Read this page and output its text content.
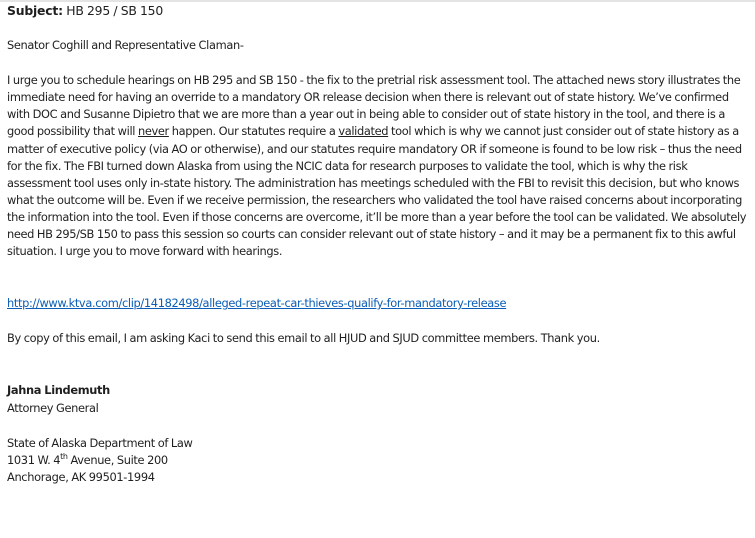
Subject: HB 295 / SB 150

Senator Coghill and Representative Claman-

I urge you to schedule hearings on HB 295 and SB 150 - the fix to the pretrial risk assessment tool. The attached news story illustrates the immediate need for having an override to a mandatory OR release decision when there is relevant out of state history. We’ve confirmed with DOC and Susanne Dipietro that we are more than a year out in being able to consider out of state history in the tool, and there is a good possibility that will never happen. Our statutes require a validated tool which is why we cannot just consider out of state history as a matter of executive policy (via AO or otherwise), and our statutes require mandatory OR if someone is found to be low risk – thus the need for the fix. The FBI turned down Alaska from using the NCIC data for research purposes to validate the tool, which is why the risk assessment tool uses only in-state history. The administration has meetings scheduled with the FBI to revisit this decision, but who knows what the outcome will be. Even if we receive permission, the researchers who validated the tool have raised concerns about incorporating the information into the tool. Even if those concerns are overcome, it’ll be more than a year before the tool can be validated. We absolutely need HB 295/SB 150 to pass this session so courts can consider relevant out of state history – and it may be a permanent fix to this awful situation. I urge you to move forward with hearings.

http://www.ktva.com/clip/14182498/alleged-repeat-car-thieves-qualify-for-mandatory-release

By copy of this email, I am asking Kaci to send this email to all HJUD and SJUD committee members. Thank you.

Jahna Lindemuth

Attorney General

State of Alaska Department of Law

1031 W. 4th Avenue, Suite 200

Anchorage, AK 99501-1994
